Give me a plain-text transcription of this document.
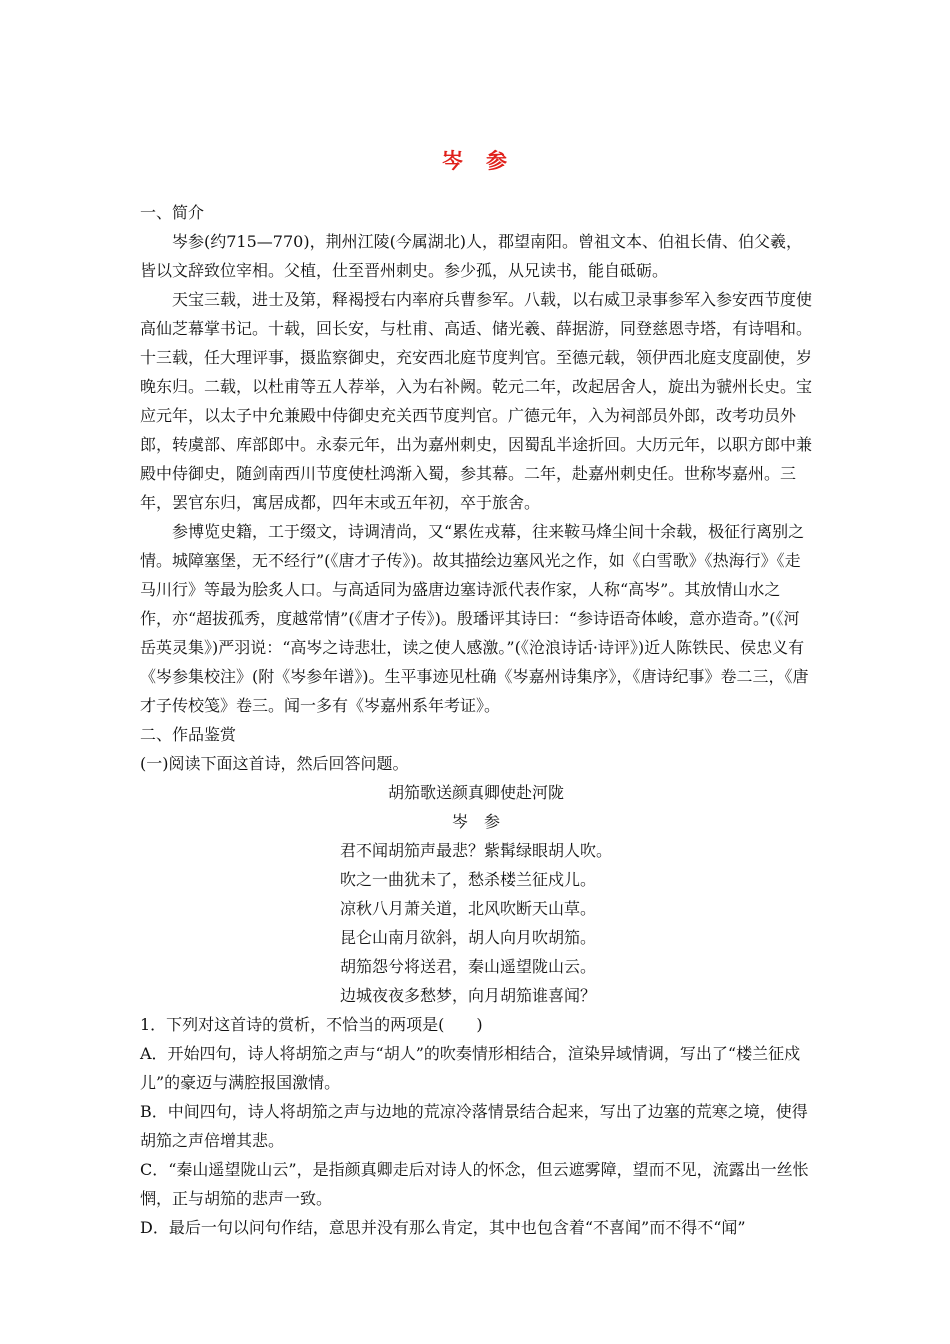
岑　参

一、简介

岑参(约715—770)，荆州江陵(今属湖北)人，郡望南阳。曾祖文本、伯祖长倩、伯父羲，皆以文辞致位宰相。父植，仕至晋州刺史。参少孤，从兄读书，能自砥砺。

天宝三载，进士及第，释褐授右内率府兵曹参军。八载，以右威卫录事参军入参安西节度使高仙芝幕掌书记。十载，回长安，与杜甫、高适、储光羲、薛据游，同登慈恩寺塔，有诗唱和。十三载，任大理评事，摄监察御史，充安西北庭节度判官。至德元载，领伊西北庭支度副使，岁晚东归。二载，以杜甫等五人荐举，入为右补阙。乾元二年，改起居舍人，旋出为虢州长史。宝应元年，以太子中允兼殿中侍御史充关西节度判官。广德元年，入为祠部员外郎，改考功员外郎，转虞部、库部郎中。永泰元年，出为嘉州刺史，因蜀乱半途折回。大历元年，以职方郎中兼殿中侍御史，随剑南西川节度使杜鸿渐入蜀，参其幕。二年，赴嘉州刺史任。世称岑嘉州。三年，罢官东归，寓居成都，四年末或五年初，卒于旅舍。

参博览史籍，工于缀文，诗调清尚，又“累佐戎幕，往来鞍马烽尘间十余载，极征行离别之情。城障塞堡，无不经行”(《唐才子传》)。故其描绘边塞风光之作，如《白雪歌》《热海行》《走马川行》等最为脍炙人口。与高适同为盛唐边塞诗派代表作家，人称“高岑”。其放情山水之作，亦“超拔孤秀，度越常情”(《唐才子传》)。殷璠评其诗曰：“参诗语奇体峻，意亦造奇。”(《河岳英灵集》)严羽说：“高岑之诗悲壮，读之使人感激。”(《沧浪诗话·诗评》)近人陈铁民、侯忠义有《岑参集校注》(附《岑参年谱》)。生平事迹见杜确《岑嘉州诗集序》，《唐诗纪事》卷二三，《唐才子传校笺》卷三。闻一多有《岑嘉州系年考证》。

二、作品鉴赏

(一)阅读下面这首诗，然后回答问题。

胡笳歌送颜真卿使赴河陇
岑　参
君不闻胡笳声最悲？紫髯绿眼胡人吹。
吹之一曲犹未了，愁杀楼兰征戍儿。
凉秋八月萧关道，北风吹断天山草。
昆仑山南月欲斜，胡人向月吹胡笳。
胡笳怨兮将送君，秦山遥望陇山云。
边城夜夜多愁梦，向月胡笳谁喜闻？

1．下列对这首诗的赏析，不恰当的两项是(　　)

A．开始四句，诗人将胡笳之声与“胡人”的吹奏情形相结合，渲染异域情调，写出了“楼兰征戍儿”的豪迈与满腔报国激情。

B．中间四句，诗人将胡笳之声与边地的荒凉冷落情景结合起来，写出了边塞的荒寒之境，使得胡笳之声倍增其悲。

C．“秦山遥望陇山云”，是指颜真卿走后对诗人的怀念，但云遮雾障，望而不见，流露出一丝怅惘，正与胡笳的悲声一致。

D．最后一句以问句作结，意思并没有那么肯定，其中也包含着“不喜闻”而不得不“闻”
